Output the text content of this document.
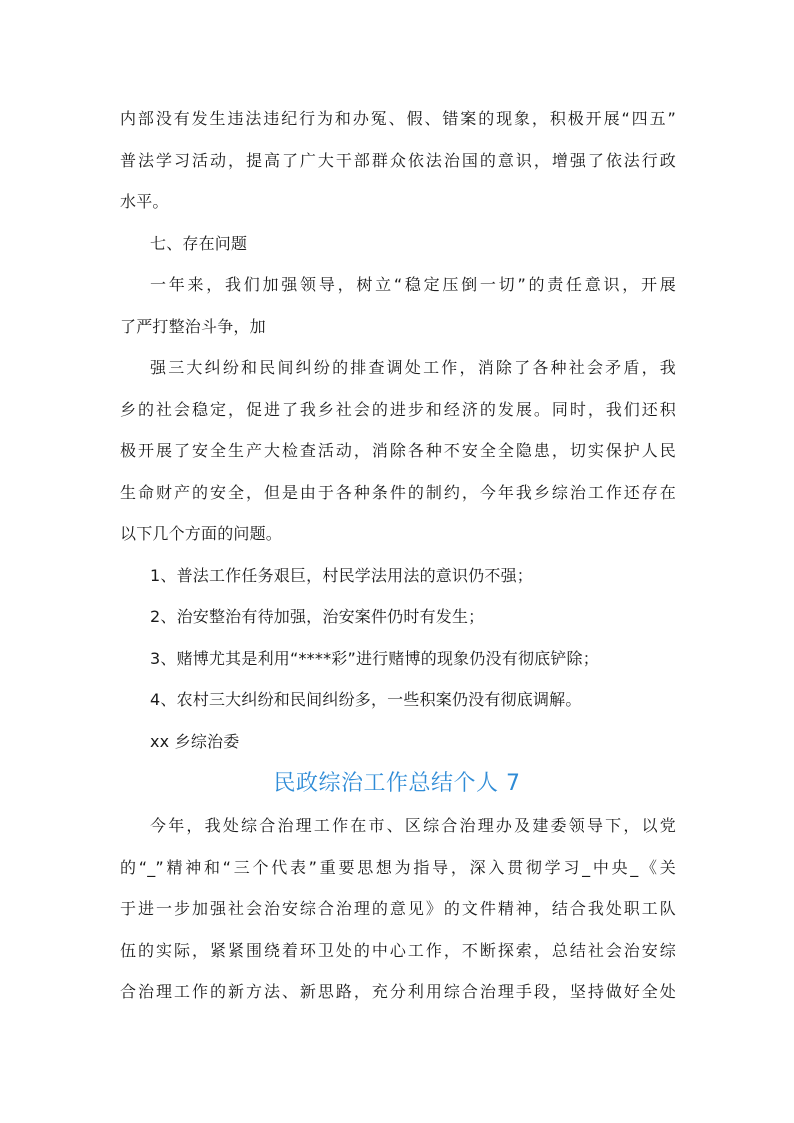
内部没有发生违法违纪行为和办冤、假、错案的现象，积极开展“四五”
普法学习活动，提高了广大干部群众依法治国的意识，增强了依法行政
水平。
七、存在问题
一年来，我们加强领导，树立“稳定压倒一切”的责任意识，开展
了严打整治斗争，加
强三大纠纷和民间纠纷的排查调处工作，消除了各种社会矛盾，我
乡的社会稳定，促进了我乡社会的进步和经济的发展。同时，我们还积
极开展了安全生产大检查活动，消除各种不安全全隐患，切实保护人民
生命财产的安全，但是由于各种条件的制约，今年我乡综治工作还存在
以下几个方面的问题。
1、普法工作任务艰巨，村民学法用法的意识仍不强；
2、治安整治有待加强，治安案件仍时有发生；
3、赌博尤其是利用“****彩”进行赌博的现象仍没有彻底铲除；
4、农村三大纠纷和民间纠纷多，一些积案仍没有彻底调解。
xx 乡综治委
民政综治工作总结个人 7
今年，我处综合治理工作在市、区综合治理办及建委领导下，以党
的“_”精神和“三个代表”重要思想为指导，深入贯彻学习_中央_《关
于进一步加强社会治安综合治理的意见》的文件精神，结合我处职工队
伍的实际，紧紧围绕着环卫处的中心工作，不断探索，总结社会治安综
合治理工作的新方法、新思路，充分利用综合治理手段，坚持做好全处
